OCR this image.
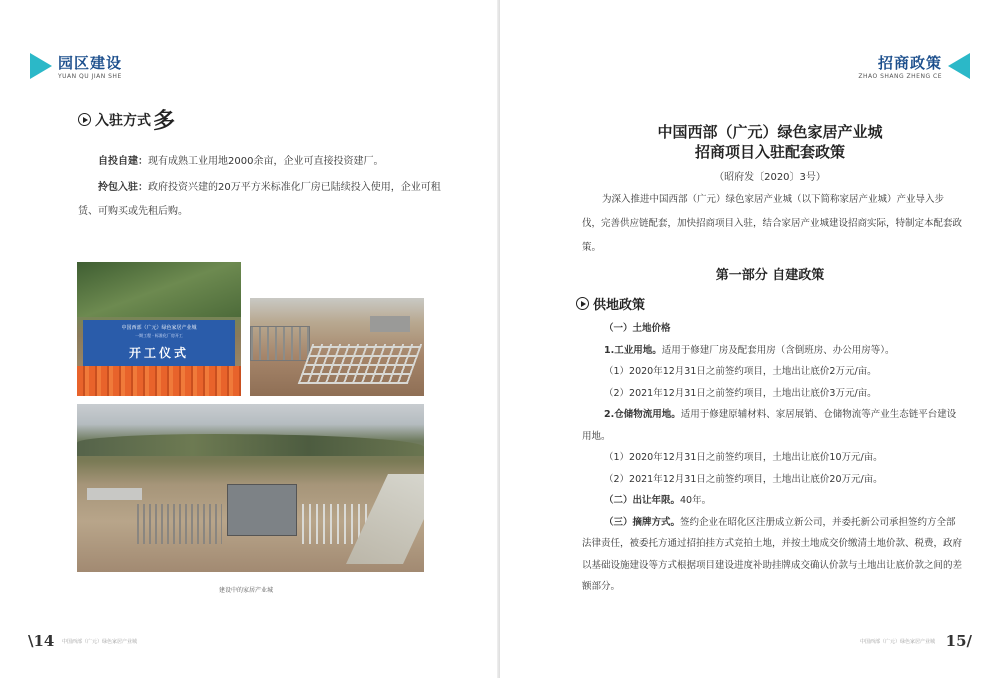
园区建设
YUAN QU JIAN SHE
入驻方式 多
自投自建：现有成熟工业用地2000余亩，企业可直接投资建厂。
拎包入驻：政府投资兴建的20万平方米标准化厂房已陆续投入使用，企业可租赁、可购买或先租后购。
中国西部（广元）绿色家居产业城
一期工程 · 标准化厂房开工
开工仪式
建设中的家居产业城
\14 中国西部（广元）绿色家居产业城
招商政策
ZHAO SHANG ZHENG CE
中国西部（广元）绿色家居产业城
招商项目入驻配套政策
（昭府发〔2020〕3号）
为深入推进中国西部（广元）绿色家居产业城（以下简称家居产业城）产业导入步伐，完善供应链配套，加快招商项目入驻，结合家居产业城建设招商实际，特制定本配套政策。
第一部分 自建政策
供地政策
（一）土地价格
1.工业用地。适用于修建厂房及配套用房（含倒班房、办公用房等）。
（1）2020年12月31日之前签约项目，土地出让底价2万元/亩。
（2）2021年12月31日之前签约项目，土地出让底价3万元/亩。
2.仓储物流用地。适用于修建原辅材料、家居展销、仓储物流等产业生态链平台建设用地。
（1）2020年12月31日之前签约项目，土地出让底价10万元/亩。
（2）2021年12月31日之前签约项目，土地出让底价20万元/亩。
（二）出让年限。40年。
（三）摘牌方式。签约企业在昭化区注册成立新公司，并委托新公司承担签约方全部法律责任，被委托方通过招拍挂方式竞拍土地，并按土地成交价缴清土地价款、税费，政府以基础设施建设等方式根据项目建设进度补助挂牌成交确认价款与土地出让底价款之间的差额部分。
中国西部（广元）绿色家居产业城 15/
